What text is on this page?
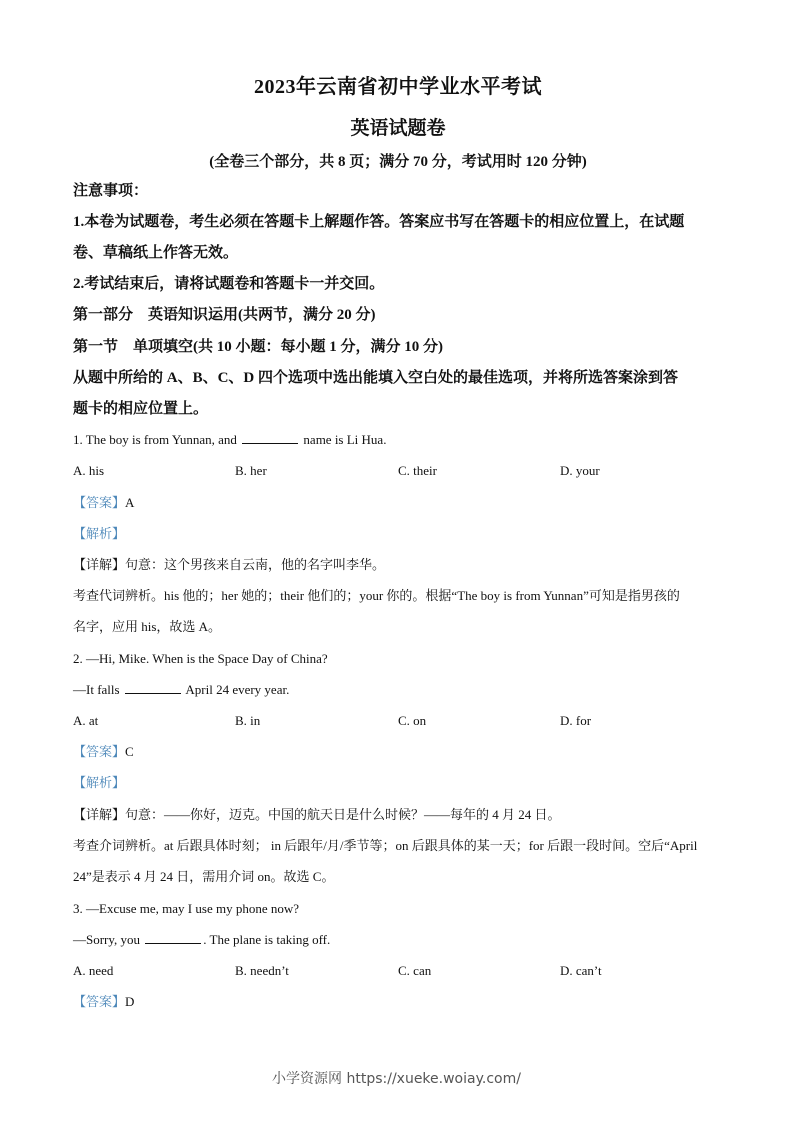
2023年云南省初中学业水平考试
英语试题卷
(全卷三个部分，共 8 页；满分 70 分，考试用时 120 分钟)
注意事项：
1.本卷为试题卷，考生必须在答题卡上解题作答。答案应书写在答题卡的相应位置上，在试题
卷、草稿纸上作答无效。
2.考试结束后，请将试题卷和答题卡一并交回。
第一部分　英语知识运用(共两节，满分 20 分)
第一节　单项填空(共 10 小题：每小题 1 分，满分 10 分)
从题中所给的 A、B、C、D 四个选项中选出能填入空白处的最佳选项，并将所选答案涂到答
题卡的相应位置上。
1. The boy is from Yunnan, and	name is Li Hua.
A. his	B. her	C. their	D. your
【答案】A
【解析】
【详解】句意：这个男孩来自云南，他的名字叫李华。
考查代词辨析。his 他的；her 她的；their 他们的；your 你的。根据“The boy is from Yunnan”可知是指男孩的
名字，应用 his，故选 A。
2. —Hi, Mike. When is the Space Day of China?
—It falls	April 24 every year.
A. at	B. in	C. on	D. for
【答案】C
【解析】
【详解】句意：——你好，迈克。中国的航天日是什么时候？——每年的 4 月 24 日。
考查介词辨析。at 后跟具体时刻； in 后跟年/月/季节等；on 后跟具体的某一天；for 后跟一段时间。空后“April
24”是表示 4 月 24 日，需用介词 on。故选 C。
3. —Excuse me, may I use my phone now?
—Sorry, you	. The plane is taking off.
A. need	B. needn’t	C. can	D. can’t
【答案】D
小学资源网 https://xueke.woiay.com/
